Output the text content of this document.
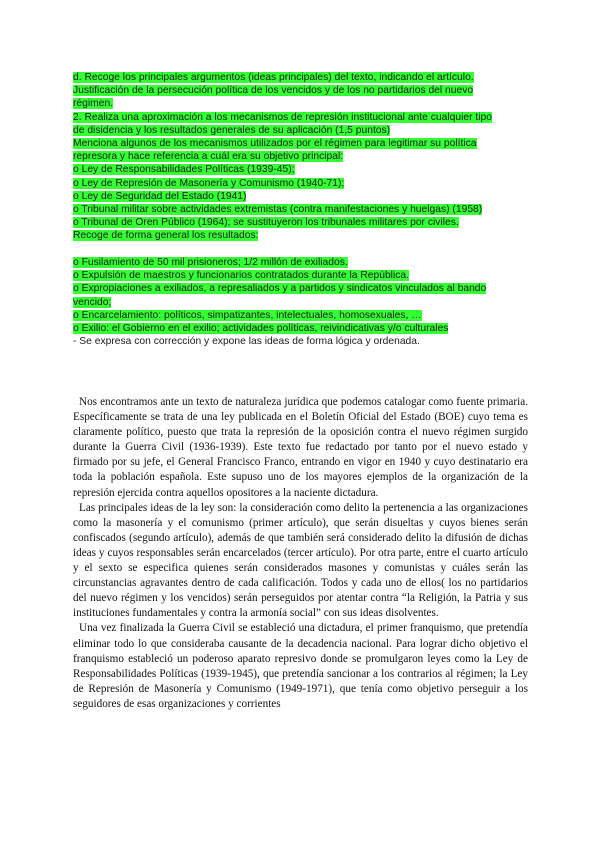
d. Recoge los principales argumentos (ideas principales) del texto, indicando el artículo.
Justificación de la persecución política de los vencidos y de los no partidarios del nuevo
régimen.
2. Realiza una aproximación a los mecanismos de represión institucional ante cualquier tipo
de disidencia y los resultados generales de su aplicación (1,5 puntos)
Menciona algunos de los mecanismos utilizados por el régimen para legitimar su política
represora y hace referencia a cuál era su objetivo principal:
o Ley de Responsabilidades Políticas (1939-45);
o Ley de Represión de Masonería y Comunismo (1940-71);
o Ley de Seguridad del Estado (1941)
o Tribunal militar sobre actividades extremistas (contra manifestaciones y huelgas) (1958)
o Tribunal de Oren Público (1964); se sustituyeron los tribunales militares por civiles.
Recoge de forma general los resultados:
o Fusilamiento de 50 mil prisioneros; 1/2 millón de exiliados.
o Expulsión de maestros y funcionarios contratados durante la República.
o Expropiaciones a exiliados, a represaliados y a partidos y sindicatos vinculados al bando
vencido;
o Encarcelamiento: políticos, simpatizantes, intelectuales, homosexuales, …
o Exilio: el Gobierno en el exilio; actividades políticas, reivindicativas y/o culturales
- Se expresa con corrección y expone las ideas de forma lógica y ordenada.

Nos encontramos ante un texto de naturaleza jurídica que podemos catalogar como fuente primaria. Específicamente se trata de una ley publicada en el Boletín Oficial del Estado (BOE) cuyo tema es claramente político, puesto que trata la represión de la oposición contra el nuevo régimen surgido durante la Guerra Civil (1936-1939). Este texto fue redactado por tanto por el nuevo estado y firmado por su jefe, el General Francisco Franco, entrando en vigor en 1940 y cuyo destinatario era toda la población española. Este supuso uno de los mayores ejemplos de la organización de la represión ejercida contra aquellos opositores a la naciente dictadura.

Las principales ideas de la ley son: la consideración como delito la pertenencia a las organizaciones como la masonería y el comunismo (primer artículo), que serán disueltas y cuyos bienes serán confiscados (segundo artículo), además de que también será considerado delito la difusión de dichas ideas y cuyos responsables serán encarcelados (tercer artículo). Por otra parte, entre el cuarto artículo y el sexto se especifica quienes serán considerados masones y comunistas y cuáles serán las circunstancias agravantes dentro de cada calificación. Todos y cada uno de ellos( los no partidarios del nuevo régimen y los vencidos) serán perseguidos por atentar contra “la Religión, la Patria y sus instituciones fundamentales y contra la armonía social” con sus ideas disolventes.

Una vez finalizada la Guerra Civil se estableció una dictadura, el primer franquismo, que pretendía eliminar todo lo que consideraba causante de la decadencia nacional. Para lograr dicho objetivo el franquismo estableció un poderoso aparato represivo donde se promulgaron leyes como la Ley de Responsabilidades Políticas (1939-1945), que pretendía sancionar a los contrarios al régimen; la Ley de Represión de Masonería y Comunismo (1949-1971), que tenía como objetivo perseguir a los seguidores de esas organizaciones y corrientes
